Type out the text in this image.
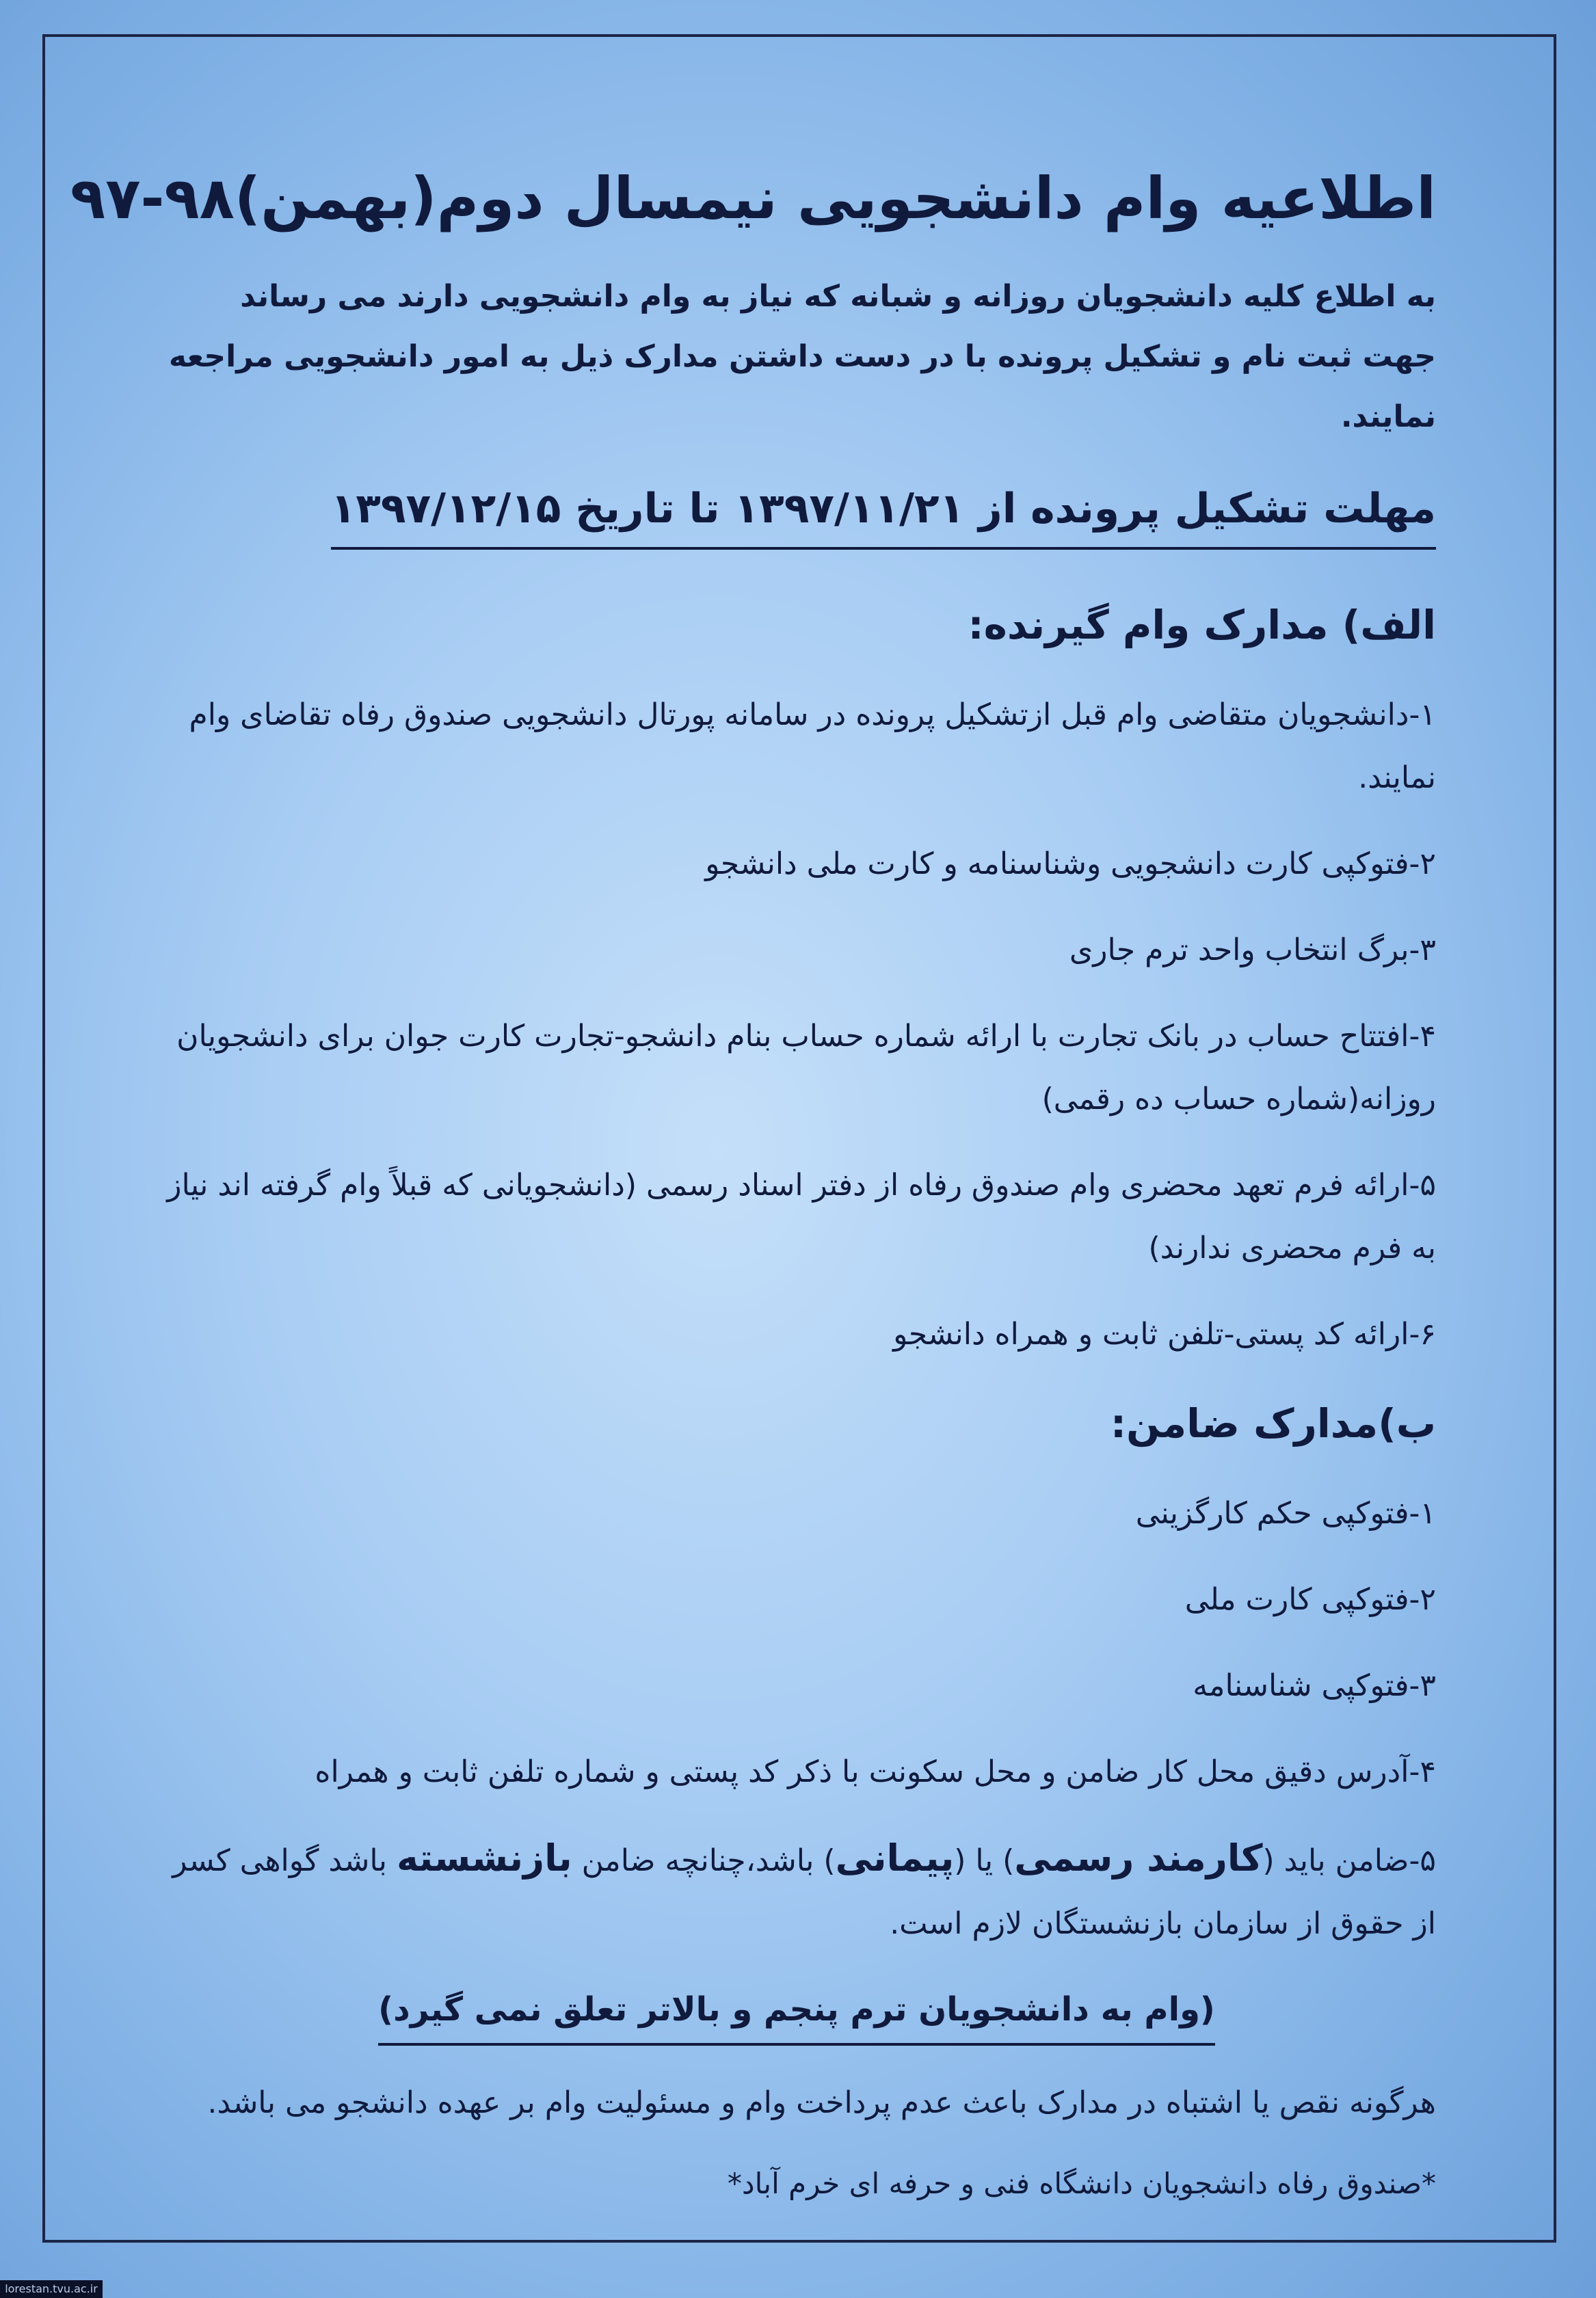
اطلاعیه وام دانشجویی نیمسال دوم(بهمن)۹۸-۹۷
به اطلاع کلیه دانشجویان روزانه و شبانه که نیاز به وام دانشجویی دارند می رساند جهت ثبت نام و تشکیل پرونده با در دست داشتن مدارک ذیل به امور دانشجویی مراجعه نمایند.
مهلت تشکیل پرونده از ۱۳۹۷/۱۱/۲۱ تا تاریخ ۱۳۹۷/۱۲/۱۵
الف) مدارک وام گیرنده:
۱-دانشجویان متقاضی وام قبل ازتشکیل پرونده در سامانه پورتال دانشجویی صندوق رفاه تقاضای وام نمایند.
۲-فتوکپی کارت دانشجویی وشناسنامه و کارت ملی دانشجو
۳-برگ انتخاب واحد ترم جاری
۴-افتتاح حساب در بانک تجارت با ارائه شماره حساب بنام دانشجو-تجارت کارت جوان برای دانشجویان روزانه(شماره حساب ده رقمی)
۵-ارائه فرم تعهد محضری وام صندوق رفاه از دفتر اسناد رسمی (دانشجویانی که قبلاً وام گرفته اند نیاز به فرم محضری ندارند)
۶-ارائه کد پستی-تلفن ثابت و همراه دانشجو
ب)مدارک ضامن:
۱-فتوکپی حکم کارگزینی
۲-فتوکپی کارت ملی
۳-فتوکپی شناسنامه
۴-آدرس دقیق محل کار ضامن و محل سکونت با ذکر کد پستی و شماره تلفن ثابت و همراه
۵-ضامن باید (کارمند رسمی) یا (پیمانی) باشد،چنانچه ضامن بازنشسته باشد گواهی کسر از حقوق از سازمان بازنشستگان لازم است.
(وام به دانشجویان ترم پنجم و بالاتر تعلق نمی گیرد)
هرگونه نقص یا اشتباه در مدارک باعث عدم پرداخت وام و مسئولیت وام بر عهده دانشجو می باشد.
*صندوق رفاه دانشجویان دانشگاه فنی و حرفه ای خرم آباد*
lorestan.tvu.ac.ir
